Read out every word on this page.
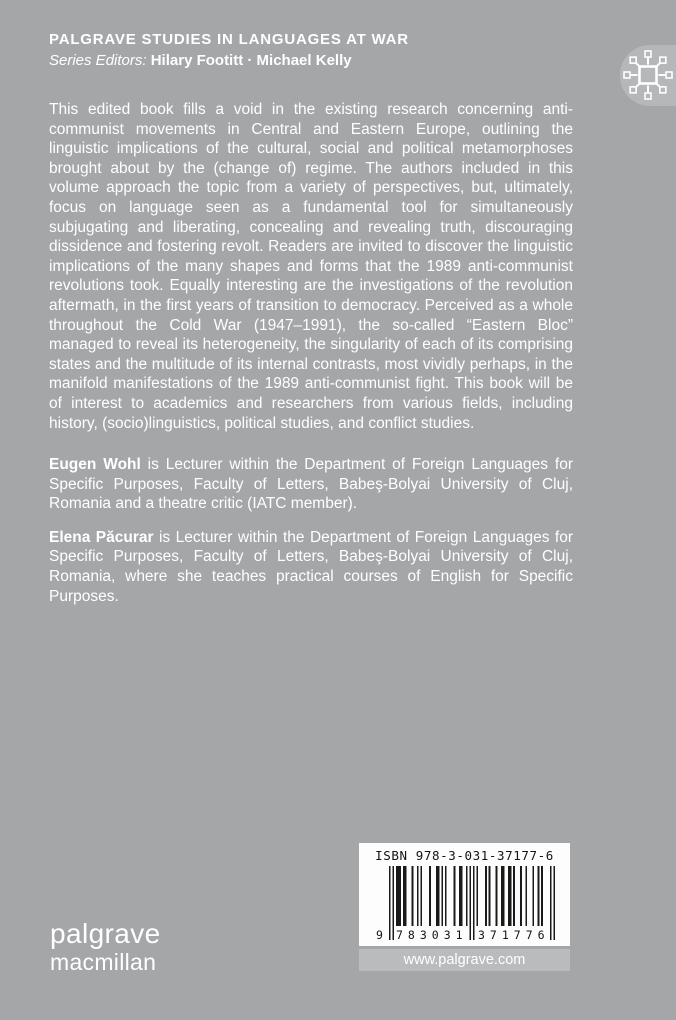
PALGRAVE STUDIES IN LANGUAGES AT WAR
Series Editors: Hilary Footitt · Michael Kelly

This edited book fills a void in the existing research concerning anti-communist movements in Central and Eastern Europe, outlining the linguistic implications of the cultural, social and political metamorphoses brought about by the (change of) regime. The authors included in this volume approach the topic from a variety of perspectives, but, ultimately, focus on language seen as a fundamental tool for simultaneously subjugating and liberating, concealing and revealing truth, discouraging dissidence and fostering revolt. Readers are invited to discover the linguistic implications of the many shapes and forms that the 1989 anti-communist revolutions took. Equally interesting are the investigations of the revolution aftermath, in the first years of transition to democracy. Perceived as a whole throughout the Cold War (1947–1991), the so-called “Eastern Bloc” managed to reveal its heterogeneity, the singularity of each of its comprising states and the multitude of its internal contrasts, most vividly perhaps, in the manifold manifestations of the 1989 anti-communist fight. This book will be of interest to academics and researchers from various fields, including history, (socio)linguistics, political studies, and conflict studies.

Eugen Wohl is Lecturer within the Department of Foreign Languages for Specific Purposes, Faculty of Letters, Babeş-Bolyai University of Cluj, Romania and a theatre critic (IATC member).

Elena Păcurar is Lecturer within the Department of Foreign Languages for Specific Purposes, Faculty of Letters, Babeş-Bolyai University of Cluj, Romania, where she teaches practical courses of English for Specific Purposes.

palgrave
macmillan
ISBN 978-3-031-37177-6
9 783031 371776
www.palgrave.com
